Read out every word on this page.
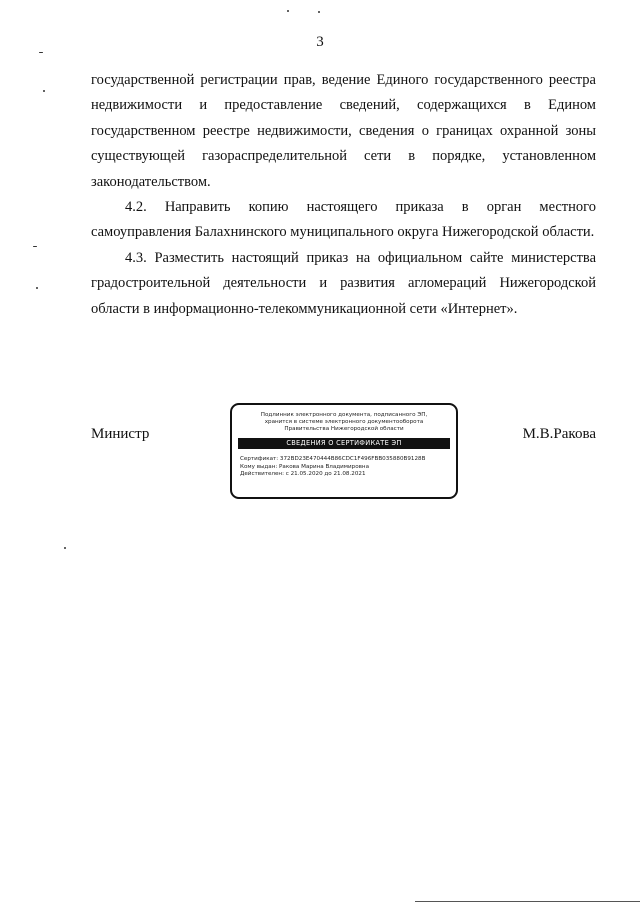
3

государственной регистрации прав, ведение Единого государственного реестра недвижимости и предоставление сведений, содержащихся в Едином государственном реестре недвижимости, сведения о границах охранной зоны существующей газораспределительной сети в порядке, установленном законодательством.

4.2. Направить копию настоящего приказа в орган местного самоуправления Балахнинского муниципального округа Нижегородской области.

4.3. Разместить настоящий приказ на официальном сайте министерства градостроительной деятельности и развития агломераций Нижегородской области в информационно-телекоммуникационной сети «Интернет».

Министр
Подлинник электронного документа, подписанного ЭП,
хранится в системе электронного документооборота
Правительства Нижегородской области
СВЕДЕНИЯ О СЕРТИФИКАТЕ ЭП
Сертификат: 372BD23E470444B86CDC1F496FBB035880B9128B
Кому выдан: Ракова Марина Владимировна
Действителен: с 21.05.2020 до 21.08.2021
М.В.Ракова
